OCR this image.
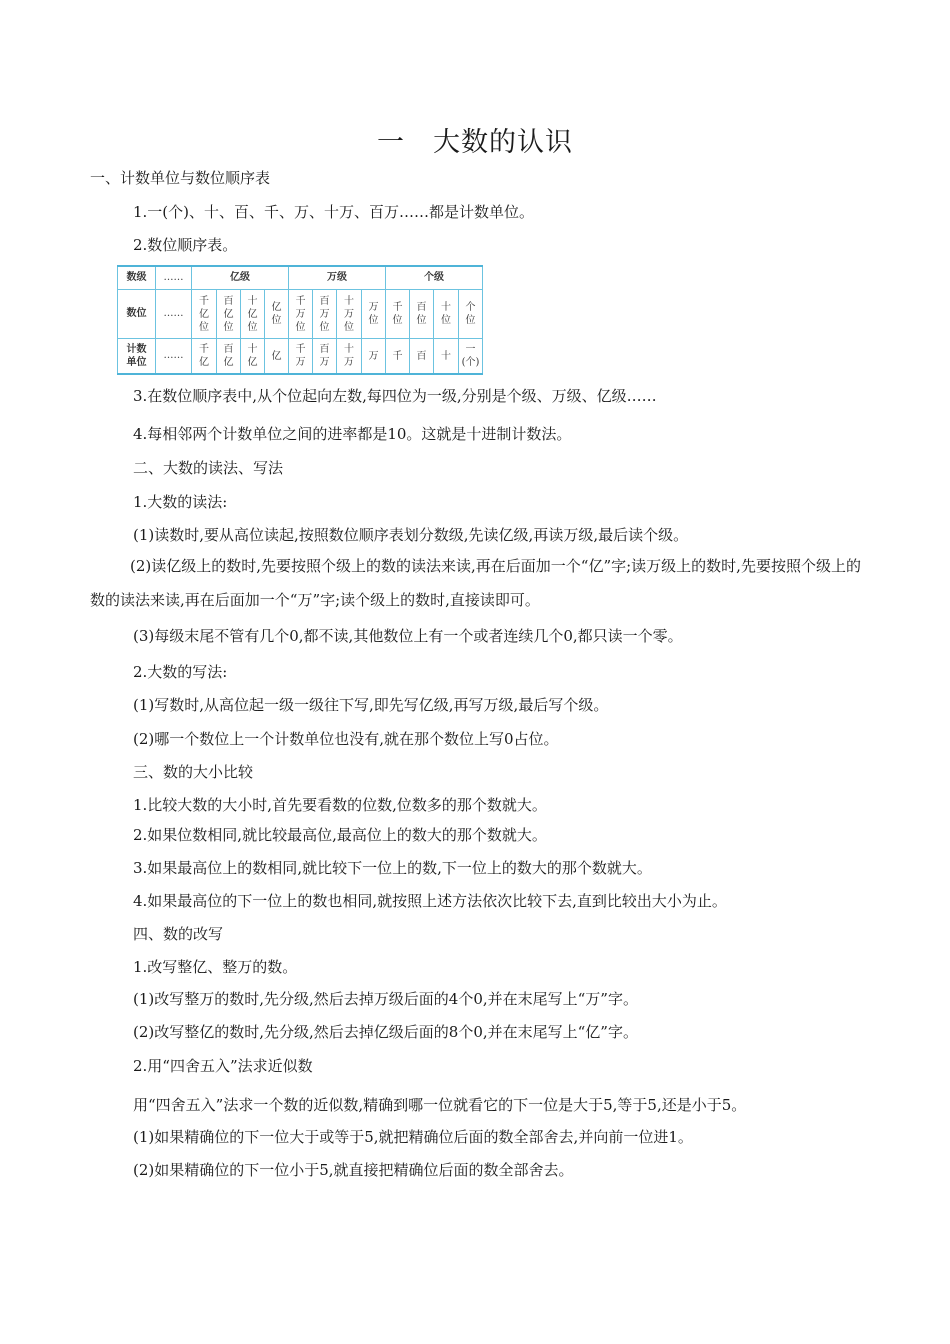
一　大数的认识
一、计数单位与数位顺序表
1.一(个)、十、百、千、万、十万、百万……都是计数单位。
2.数位顺序表。
数级	……	亿级				万级				个级			
数位	……	千亿位	百亿位	十亿位	亿位	千万位	百万位	十万位	万位	千位	百位	十位	个位
计数单位	……	千亿	百亿	十亿	亿	千万	百万	十万	万	千	百	十	一(个)
3.在数位顺序表中,从个位起向左数,每四位为一级,分别是个级、万级、亿级……
4.每相邻两个计数单位之间的进率都是10。这就是十进制计数法。
二、大数的读法、写法
1.大数的读法:
(1)读数时,要从高位读起,按照数位顺序表划分数级,先读亿级,再读万级,最后读个级。
(2)读亿级上的数时,先要按照个级上的数的读法来读,再在后面加一个“亿”字;读万级上的数时,先要按照个级上的数的读法来读,再在后面加一个“万”字;读个级上的数时,直接读即可。
(3)每级末尾不管有几个0,都不读,其他数位上有一个或者连续几个0,都只读一个零。
2.大数的写法:
(1)写数时,从高位起一级一级往下写,即先写亿级,再写万级,最后写个级。
(2)哪一个数位上一个计数单位也没有,就在那个数位上写0占位。
三、数的大小比较
1.比较大数的大小时,首先要看数的位数,位数多的那个数就大。
2.如果位数相同,就比较最高位,最高位上的数大的那个数就大。
3.如果最高位上的数相同,就比较下一位上的数,下一位上的数大的那个数就大。
4.如果最高位的下一位上的数也相同,就按照上述方法依次比较下去,直到比较出大小为止。
四、数的改写
1.改写整亿、整万的数。
(1)改写整万的数时,先分级,然后去掉万级后面的4个0,并在末尾写上“万”字。
(2)改写整亿的数时,先分级,然后去掉亿级后面的8个0,并在末尾写上“亿”字。
2.用“四舍五入”法求近似数
用“四舍五入”法求一个数的近似数,精确到哪一位就看它的下一位是大于5,等于5,还是小于5。
(1)如果精确位的下一位大于或等于5,就把精确位后面的数全部舍去,并向前一位进1。
(2)如果精确位的下一位小于5,就直接把精确位后面的数全部舍去。
